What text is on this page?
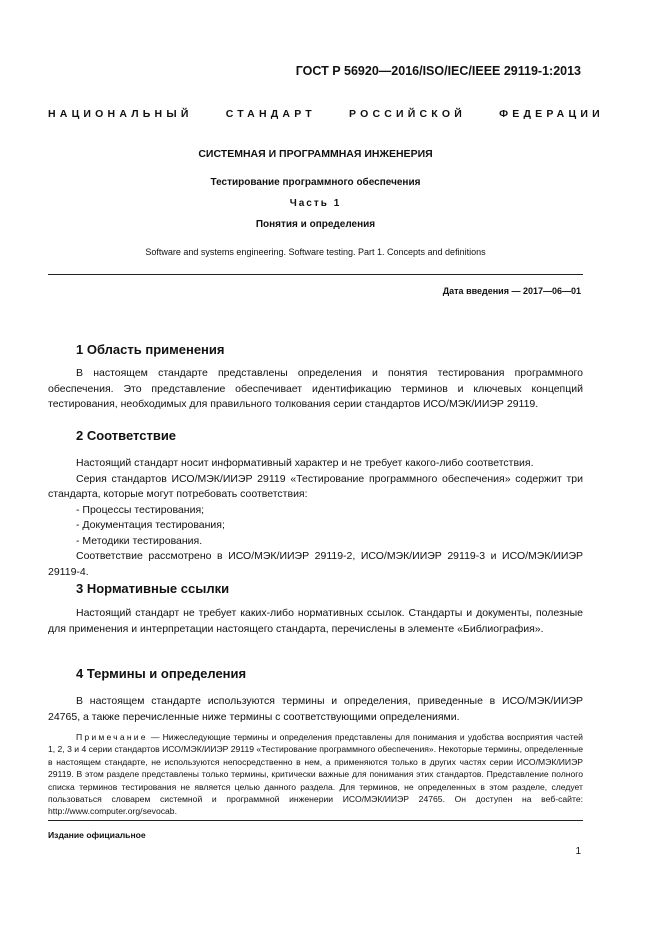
ГОСТ Р 56920—2016/ISO/IEC/IEEE 29119-1:2013
НАЦИОНАЛЬНЫЙ	СТАНДАРТ	РОССИЙСКОЙ	ФЕДЕРАЦИИ
СИСТЕМНАЯ И ПРОГРАММНАЯ ИНЖЕНЕРИЯ
Тестирование программного обеспечения
Часть 1
Понятия и определения
Software and systems engineering. Software testing. Part 1. Concepts and definitions
Дата введения — 2017—06—01
1 Область применения

В настоящем стандарте представлены определения и понятия тестирования программного обеспечения. Это представление обеспечивает идентификацию терминов и ключевых концепций тестирования, необходимых для правильного толкования серии стандартов ИСО/МЭК/ИИЭР 29119.

2 Соответствие

Настоящий стандарт носит информативный характер и не требует какого-либо соответствия.

Серия стандартов ИСО/МЭК/ИИЭР 29119 «Тестирование программного обеспечения» содержит три стандарта, которые могут потребовать соответствия:

- Процессы тестирования;
- Документация тестирования;
- Методики тестирования.

Соответствие рассмотрено в ИСО/МЭК/ИИЭР 29119-2, ИСО/МЭК/ИИЭР 29119-3 и ИСО/МЭК/ИИЭР 29119-4.

3 Нормативные ссылки

Настоящий стандарт не требует каких-либо нормативных ссылок. Стандарты и документы, полезные для применения и интерпретации настоящего стандарта, перечислены в элементе «Библиография».

4 Термины и определения

В настоящем стандарте используются термины и определения, приведенные в ИСО/МЭК/ИИЭР 24765, а также перечисленные ниже термины с соответствующими определениями.

Примечание — Нижеследующие термины и определения представлены для понимания и удобства восприятия частей 1, 2, 3 и 4 серии стандартов ИСО/МЭК/ИИЭР 29119 «Тестирование программного обеспечения». Некоторые термины, определенные в настоящем стандарте, не используются непосредственно в нем, а применяются только в других частях серии ИСО/МЭК/ИИЭР 29119. В этом разделе представлены только термины, критически важные для понимания этих стандартов. Представление полного списка терминов тестирования не является целью данного раздела. Для терминов, не определенных в этом разделе, следует пользоваться словарем системной и программной инженерии ИСО/МЭК/ИИЭР 24765. Он доступен на веб-сайте: http://www.computer.org/sevocab.

Издание официальное
1
